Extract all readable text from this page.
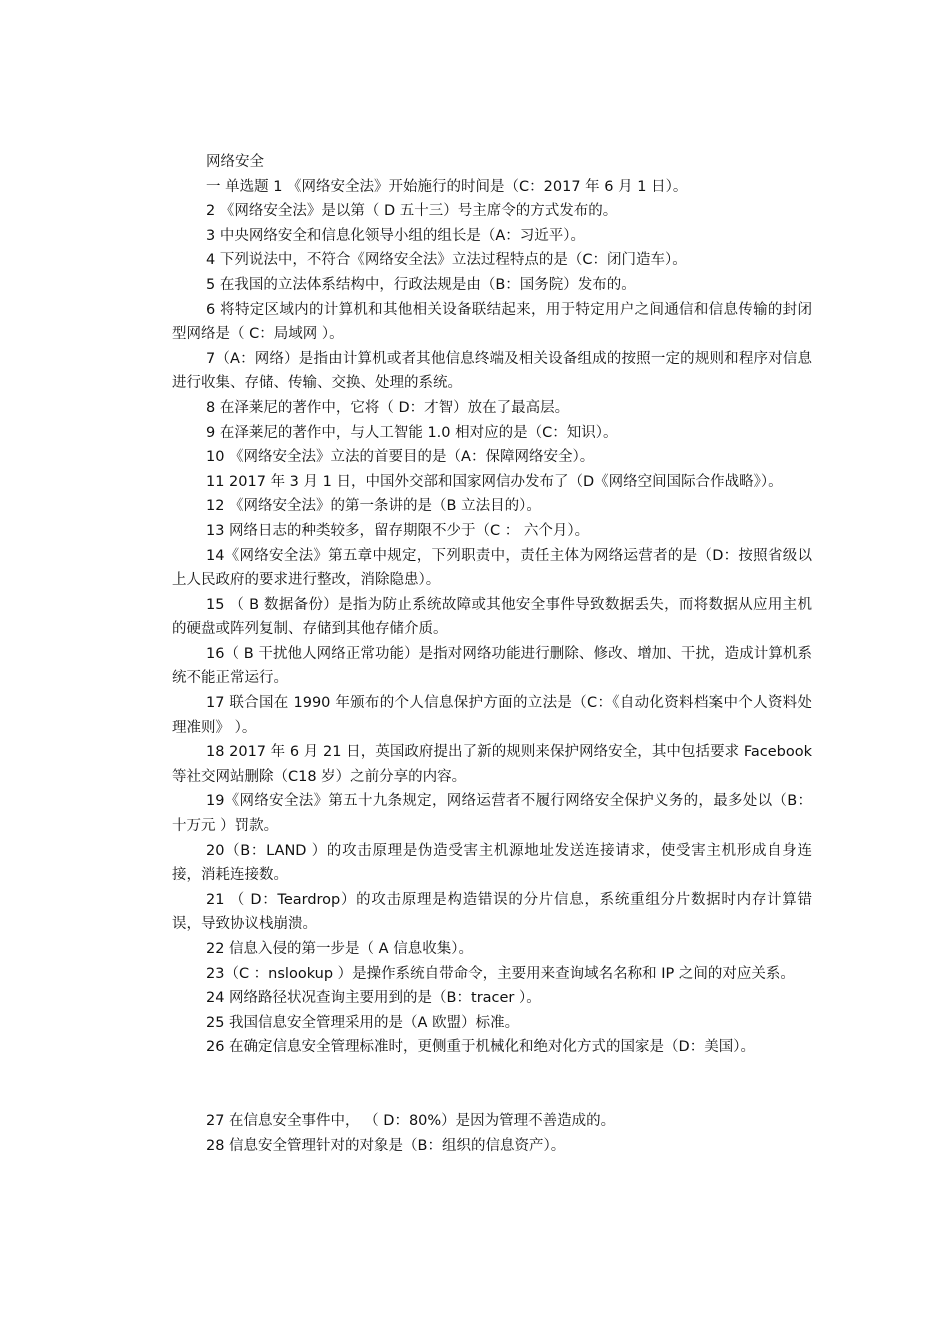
网络安全

一 单选题 1 《网络安全法》开始施行的时间是（C：2017 年 6 月 1 日）。

2 《网络安全法》是以第（ D 五十三）号主席令的方式发布的。

3 中央网络安全和信息化领导小组的组长是（A：习近平）。

4 下列说法中，不符合《网络安全法》立法过程特点的是（C：闭门造车）。

5 在我国的立法体系结构中，行政法规是由（B：国务院）发布的。

6 将特定区域内的计算机和其他相关设备联结起来，用于特定用户之间通信和信息传输的封闭型网络是（ C：局域网 ）。

7（A：网络）是指由计算机或者其他信息终端及相关设备组成的按照一定的规则和程序对信息进行收集、存储、传输、交换、处理的系统。

8 在泽莱尼的著作中，它将（ D：才智）放在了最高层。

9 在泽莱尼的著作中，与人工智能 1.0 相对应的是（C：知识）。

10 《网络安全法》立法的首要目的是（A：保障网络安全）。

11 2017 年 3 月 1 日，中国外交部和国家网信办发布了（D《网络空间国际合作战略》）。

12 《网络安全法》的第一条讲的是（B 立法目的）。

13 网络日志的种类较多，留存期限不少于（C ： 六个月）。

14《网络安全法》第五章中规定，下列职责中，责任主体为网络运营者的是（D：按照省级以上人民政府的要求进行整改，消除隐患）。

15 （ B 数据备份）是指为防止系统故障或其他安全事件导致数据丢失，而将数据从应用主机的硬盘或阵列复制、存储到其他存储介质。

16（ B 干扰他人网络正常功能）是指对网络功能进行删除、修改、增加、干扰，造成计算机系统不能正常运行。

17 联合国在 1990 年颁布的个人信息保护方面的立法是（C：《自动化资料档案中个人资料处理准则》 ）。

18 2017 年 6 月 21 日，英国政府提出了新的规则来保护网络安全，其中包括要求 Facebook 等社交网站删除（C18 岁）之前分享的内容。

19《网络安全法》第五十九条规定，网络运营者不履行网络安全保护义务的，最多处以（B：十万元 ）罚款。

20（B：LAND ）的攻击原理是伪造受害主机源地址发送连接请求，使受害主机形成自身连接，消耗连接数。

21 （ D：Teardrop）的攻击原理是构造错误的分片信息，系统重组分片数据时内存计算错误，导致协议栈崩溃。

22 信息入侵的第一步是（ A 信息收集）。

23（C ：nslookup ）是操作系统自带命令，主要用来查询域名名称和 IP 之间的对应关系。

24 网络路径状况查询主要用到的是（B：tracer ）。

25 我国信息安全管理采用的是（A 欧盟）标准。

26 在确定信息安全管理标准时，更侧重于机械化和绝对化方式的国家是（D：美国）。

27 在信息安全事件中， （ D：80%）是因为管理不善造成的。

28 信息安全管理针对的对象是（B：组织的信息资产）。
